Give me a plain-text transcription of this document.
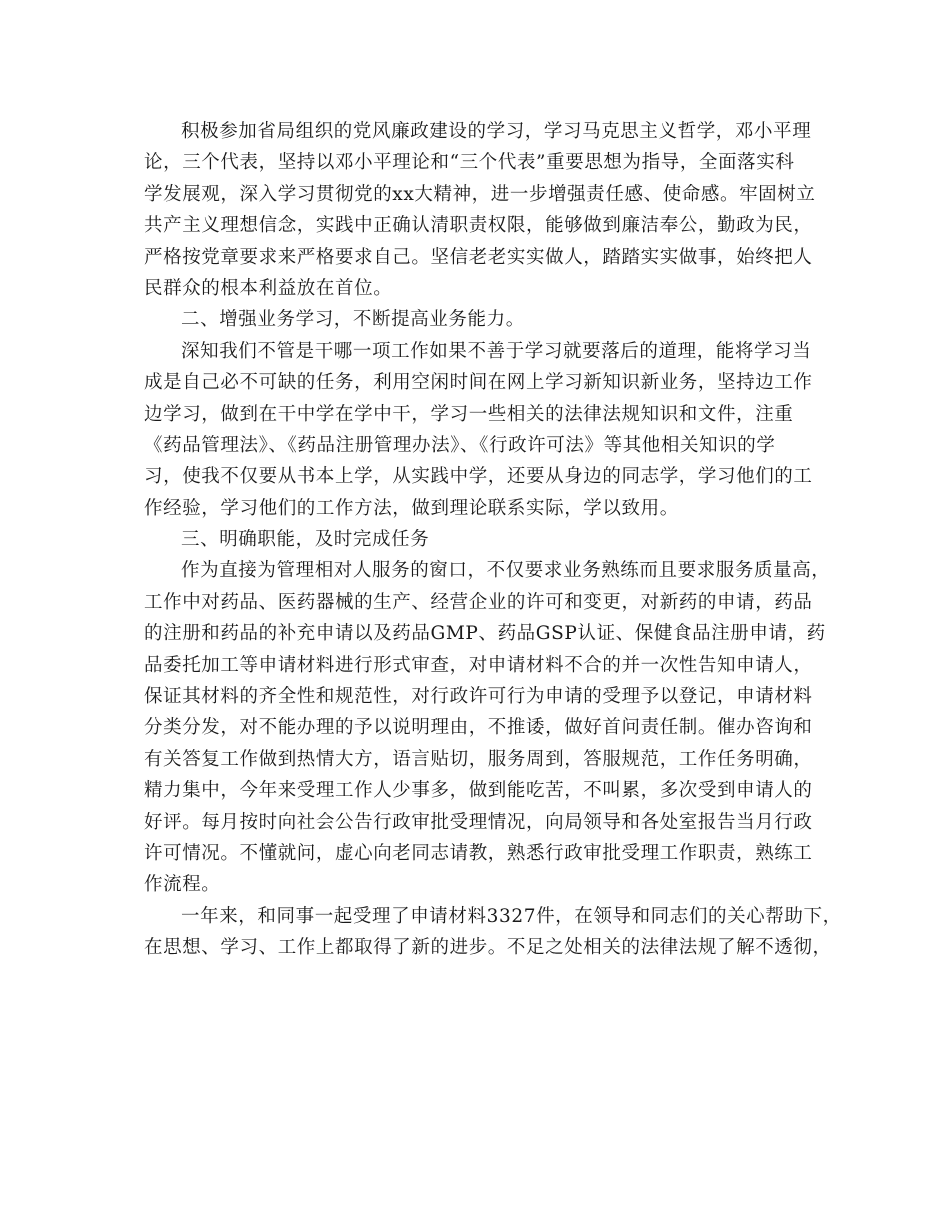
积极参加省局组织的党风廉政建设的学习，学习马克思主义哲学，邓小平理
论，三个代表，坚持以邓小平理论和“三个代表”重要思想为指导，全面落实科
学发展观，深入学习贯彻党的xx大精神，进一步增强责任感、使命感。牢固树立
共产主义理想信念，实践中正确认清职责权限，能够做到廉洁奉公，勤政为民，
严格按党章要求来严格要求自己。坚信老老实实做人，踏踏实实做事，始终把人
民群众的根本利益放在首位。
二、增强业务学习，不断提高业务能力。
深知我们不管是干哪一项工作如果不善于学习就要落后的道理，能将学习当
成是自己必不可缺的任务，利用空闲时间在网上学习新知识新业务，坚持边工作
边学习，做到在干中学在学中干，学习一些相关的法律法规知识和文件，注重
《药品管理法》、《药品注册管理办法》、《行政许可法》等其他相关知识的学
习，使我不仅要从书本上学，从实践中学，还要从身边的同志学，学习他们的工
作经验，学习他们的工作方法，做到理论联系实际，学以致用。
三、明确职能，及时完成任务
作为直接为管理相对人服务的窗口，不仅要求业务熟练而且要求服务质量高，
工作中对药品、医药器械的生产、经营企业的许可和变更，对新药的申请，药品
的注册和药品的补充申请以及药品GMP、药品GSP认证、保健食品注册申请，药
品委托加工等申请材料进行形式审查，对申请材料不合的并一次性告知申请人，
保证其材料的齐全性和规范性，对行政许可行为申请的受理予以登记，申请材料
分类分发，对不能办理的予以说明理由，不推诿，做好首问责任制。催办咨询和
有关答复工作做到热情大方，语言贴切，服务周到，答服规范，工作任务明确，
精力集中，今年来受理工作人少事多，做到能吃苦，不叫累，多次受到申请人的
好评。每月按时向社会公告行政审批受理情况，向局领导和各处室报告当月行政
许可情况。不懂就问，虚心向老同志请教，熟悉行政审批受理工作职责，熟练工
作流程。
一年来，和同事一起受理了申请材料3327件，在领导和同志们的关心帮助下，
在思想、学习、工作上都取得了新的进步。不足之处相关的法律法规了解不透彻，
